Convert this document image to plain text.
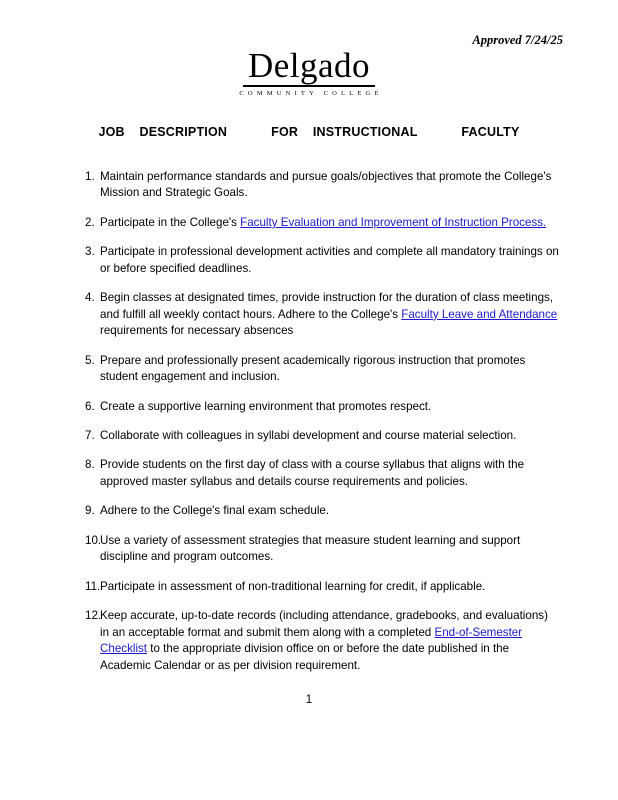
Approved 7/24/25
Delgado
COMMUNITY COLLEGE
JOB    DESCRIPTION            FOR    INSTRUCTIONAL            FACULTY
1. Maintain performance standards and pursue goals/objectives that promote the College's Mission and Strategic Goals.
2. Participate in the College's Faculty Evaluation and Improvement of Instruction Process.
3. Participate in professional development activities and complete all mandatory trainings on or before specified deadlines.
4. Begin classes at designated times, provide instruction for the duration of class meetings, and fulfill all weekly contact hours. Adhere to the College's Faculty Leave and Attendance requirements for necessary absences
5. Prepare and professionally present academically rigorous instruction that promotes student engagement and inclusion.
6. Create a supportive learning environment that promotes respect.
7. Collaborate with colleagues in syllabi development and course material selection.
8. Provide students on the first day of class with a course syllabus that aligns with the approved master syllabus and details course requirements and policies.
9. Adhere to the College's final exam schedule.
10.
Use a variety of assessment strategies that measure student learning and support discipline and program outcomes.
11. Participate in assessment of non-traditional learning for credit, if applicable.
12.
Keep accurate, up-to-date records (including attendance, gradebooks, and evaluations) in an acceptable format and submit them along with a completed End-of-Semester Checklist to the appropriate division office on or before the date published in the Academic Calendar or as per division requirement.
1
